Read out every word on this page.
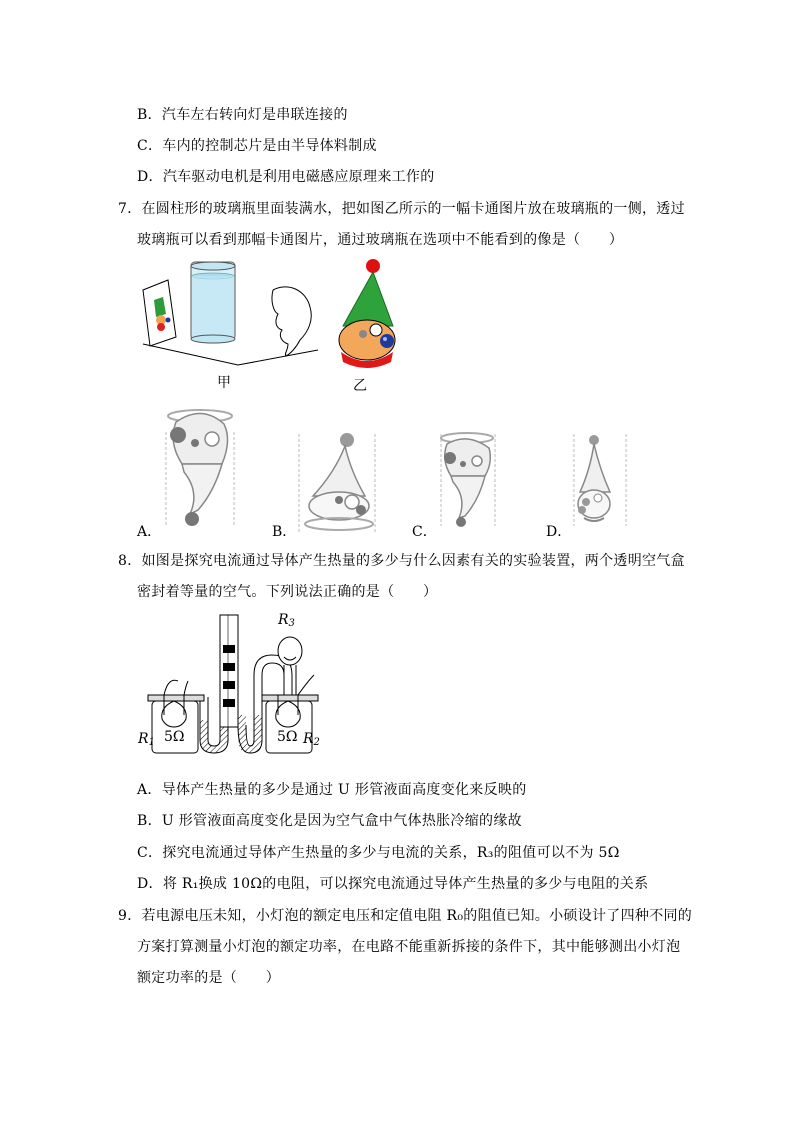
B．汽车左右转向灯是串联连接的
C．车内的控制芯片是由半导体料制成
D．汽车驱动电机是利用电磁感应原理来工作的
7．在圆柱形的玻璃瓶里面装满水，把如图乙所示的一幅卡通图片放在玻璃瓶的一侧，透过
玻璃瓶可以看到那幅卡通图片，通过玻璃瓶在选项中不能看到的像是（　　）
甲	乙
A．	B．	C．	D．
8．如图是探究电流通过导体产生热量的多少与什么因素有关的实验装置，两个透明空气盒
密封着等量的空气。下列说法正确的是（　　）
$R_3$
$R_1$	$R_2$
5Ω	5Ω
A．导体产生热量的多少是通过 U 形管液面高度变化来反映的
B．U 形管液面高度变化是因为空气盒中气体热胀冷缩的缘故
C．探究电流通过导体产生热量的多少与电流的关系，R₃的阻值可以不为 5Ω
D．将 R₁换成 10Ω的电阻，可以探究电流通过导体产生热量的多少与电阻的关系
9．若电源电压未知，小灯泡的额定电压和定值电阻 R₀的阻值已知。小硕设计了四种不同的
方案打算测量小灯泡的额定功率，在电路不能重新拆接的条件下，其中能够测出小灯泡
额定功率的是（　　）
